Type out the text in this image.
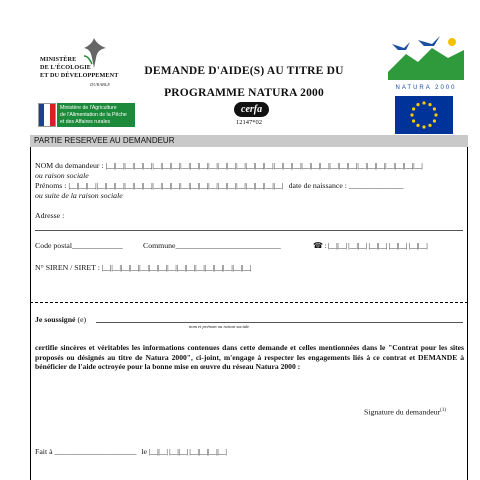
MINISTÈRE
DE L'ÉCOLOGIE
ET DU DÉVELOPPEMENT
DURABLE
Ministère de l'Agriculture
de l'Alimentation de la Pêche
et des Affaires rurales
DEMANDE D'AIDE(S) AU TITRE DU
PROGRAMME NATURA 2000
cerfa
12147*02
NATURA 2000
PARTIE RESERVEE AU DEMANDEUR
NOM du demandeur : |__||__||__||__||__||__||__||__||__||__||__||__||__||__||__||__||__||__||__||__||__||__||__||__||__||__||__||__||__||__||__||__||__||__|
ou raison sociale
Prénoms : |__||__||__||__||__||__||__||__||__||__||__||__||__||__||__||__||__||__||__||__||__||__||__| date de naissance : ______________
ou suite de la raison sociale
Adresse :
Code postal_____________	Commune___________________________	☎ : |__||__| |__||__| |__||__| |__||__| |__||__|
N° SIREN / SIRET : |__||__||__||__||__||__||__||__||__||__||__||__||__||__||__||__|
Je soussigné (e)
nom et prénom ou raison sociale
certifie sincères et véritables les informations contenues dans cette demande et celles mentionnées dans le "Contrat pour les sites proposés ou désignés au titre de Natura 2000", ci-joint, m'engage à respecter les engagements liés à ce contrat et DEMANDE à bénéficier de l'aide octroyée pour la bonne mise en œuvre du réseau Natura 2000 :
Signature du demandeur$^{(1)}$
Fait à _____________________ le |__||__| |__||__| |__||__||__||__|
